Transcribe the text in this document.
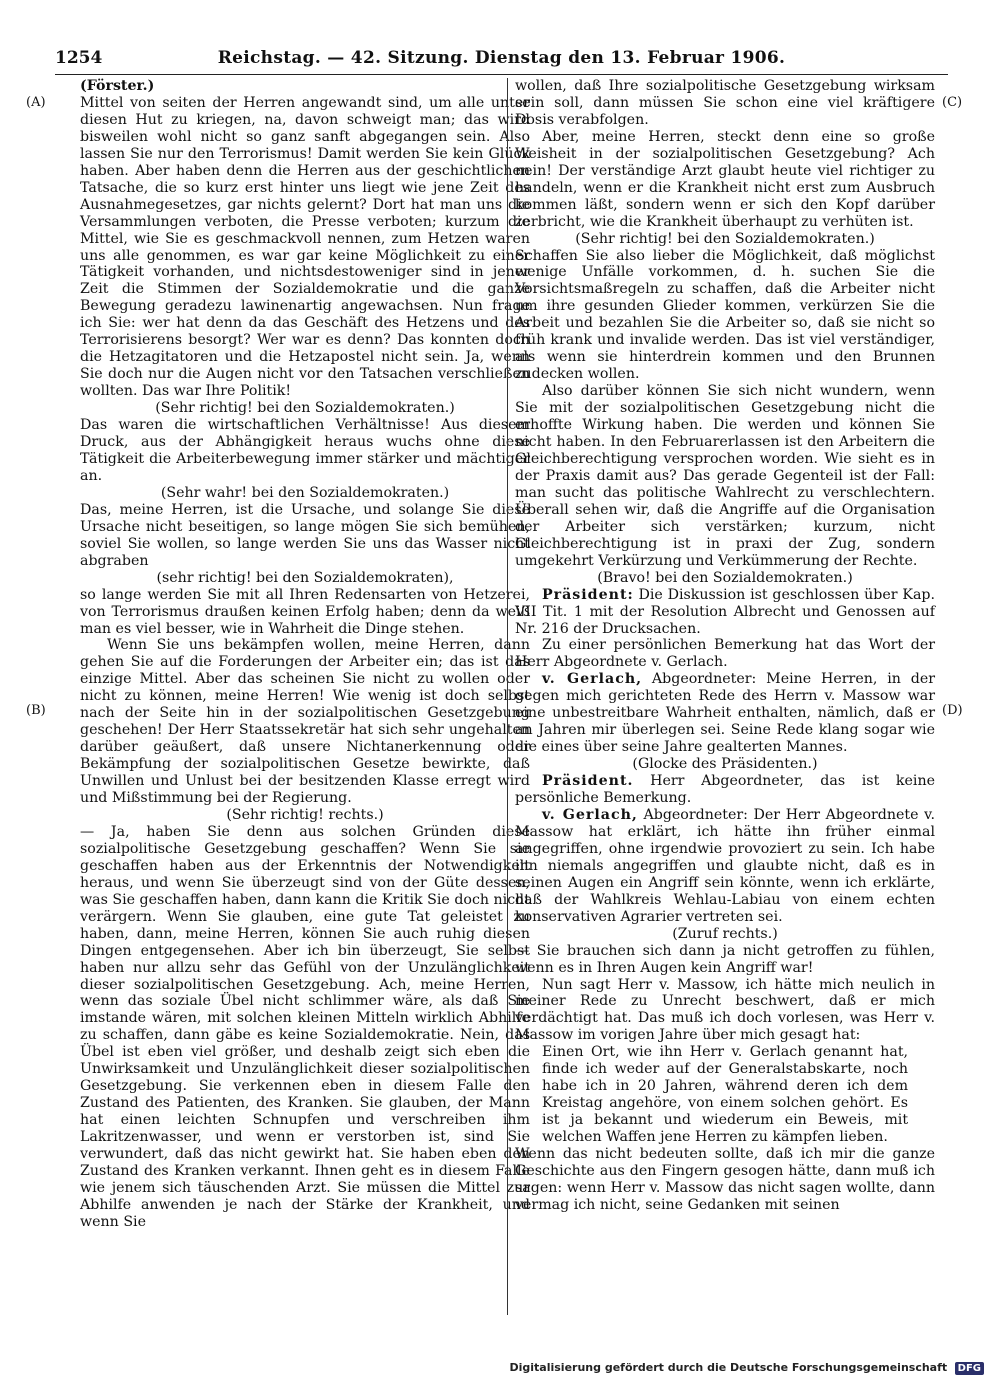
1254	Reichstag. — 42. Sitzung. Dienstag den 13. Februar 1906.
(A)
(B)
(C)
(D)

(Förster.)

Mittel von seiten der Herren angewandt sind, um alle unter diesen Hut zu kriegen, na, davon schweigt man; das wird bisweilen wohl nicht so ganz sanft abgegangen sein. Also lassen Sie nur den Terrorismus! Damit werden Sie kein Glück haben. Aber haben denn die Herren aus der geschichtlichen Tatsache, die so kurz erst hinter uns liegt wie jene Zeit des Ausnahmegesetzes, gar nichts gelernt? Dort hat man uns die Versammlungen verboten, die Presse verboten; kurzum die Mittel, wie Sie es geschmackvoll nennen, zum Hetzen waren uns alle genommen, es war gar keine Möglichkeit zu einer Tätigkeit vorhanden, und nichtsdestoweniger sind in jener Zeit die Stimmen der Sozialdemokratie und die ganze Bewegung geradezu lawinenartig angewachsen. Nun frage ich Sie: wer hat denn da das Geschäft des Hetzens und des Terrorisierens besorgt? Wer war es denn? Das konnten doch die Hetzagitatoren und die Hetzapostel nicht sein. Ja, wenn Sie doch nur die Augen nicht vor den Tatsachen verschließen wollten. Das war Ihre Politik!

(Sehr richtig! bei den Sozialdemokraten.)

Das waren die wirtschaftlichen Verhältnisse! Aus diesem Druck, aus der Abhängigkeit heraus wuchs ohne diese Tätigkeit die Arbeiterbewegung immer stärker und mächtiger an.

(Sehr wahr! bei den Sozialdemokraten.)

Das, meine Herren, ist die Ursache, und solange Sie diese Ursache nicht beseitigen, so lange mögen Sie sich bemühen, soviel Sie wollen, so lange werden Sie uns das Wasser nicht abgraben

(sehr richtig! bei den Sozialdemokraten),

so lange werden Sie mit all Ihren Redensarten von Hetzerei, von Terrorismus draußen keinen Erfolg haben; denn da weiß man es viel besser, wie in Wahrheit die Dinge stehen.

Wenn Sie uns bekämpfen wollen, meine Herren, dann gehen Sie auf die Forderungen der Arbeiter ein; das ist das einzige Mittel. Aber das scheinen Sie nicht zu wollen oder nicht zu können, meine Herren! Wie wenig ist doch selbst nach der Seite hin in der sozialpolitischen Gesetzgebung geschehen! Der Herr Staatssekretär hat sich sehr ungehalten darüber geäußert, daß unsere Nichtanerkennung oder Bekämpfung der sozialpolitischen Gesetze bewirkte, daß Unwillen und Unlust bei der besitzenden Klasse erregt wird und Mißstimmung bei der Regierung.

(Sehr richtig! rechts.)

— Ja, haben Sie denn aus solchen Gründen diese sozialpolitische Gesetzgebung geschaffen? Wenn Sie sie geschaffen haben aus der Erkenntnis der Notwendigkeit heraus, und wenn Sie überzeugt sind von der Güte dessen, was Sie geschaffen haben, dann kann die Kritik Sie doch nicht verärgern. Wenn Sie glauben, eine gute Tat geleistet zu haben, dann, meine Herren, können Sie auch ruhig diesen Dingen entgegensehen. Aber ich bin überzeugt, Sie selbst haben nur allzu sehr das Gefühl von der Unzulänglichkeit dieser sozialpolitischen Gesetzgebung. Ach, meine Herren, wenn das soziale Übel nicht schlimmer wäre, als daß Sie imstande wären, mit solchen kleinen Mitteln wirklich Abhilfe zu schaffen, dann gäbe es keine Sozialdemokratie. Nein, das Übel ist eben viel größer, und deshalb zeigt sich eben die Unwirksamkeit und Unzulänglichkeit dieser sozialpolitischen Gesetzgebung. Sie verkennen eben in diesem Falle den Zustand des Patienten, des Kranken. Sie glauben, der Mann hat einen leichten Schnupfen und verschreiben ihm Lakritzenwasser, und wenn er verstorben ist, sind Sie verwundert, daß das nicht gewirkt hat. Sie haben eben den Zustand des Kranken verkannt. Ihnen geht es in diesem Falle wie jenem sich täuschenden Arzt. Sie müssen die Mittel zur Abhilfe anwenden je nach der Stärke der Krankheit, und wenn Sie

wollen, daß Ihre sozialpolitische Gesetzgebung wirksam sein soll, dann müssen Sie schon eine viel kräftigere Dosis verabfolgen.

Aber, meine Herren, steckt denn eine so große Weisheit in der sozialpolitischen Gesetzgebung? Ach nein! Der verständige Arzt glaubt heute viel richtiger zu handeln, wenn er die Krankheit nicht erst zum Ausbruch kommen läßt, sondern wenn er sich den Kopf darüber zerbricht, wie die Krankheit überhaupt zu verhüten ist.

(Sehr richtig! bei den Sozialdemokraten.)

Schaffen Sie also lieber die Möglichkeit, daß möglichst wenige Unfälle vorkommen, d. h. suchen Sie die Vorsichtsmaßregeln zu schaffen, daß die Arbeiter nicht um ihre gesunden Glieder kommen, verkürzen Sie die Arbeit und bezahlen Sie die Arbeiter so, daß sie nicht so früh krank und invalide werden. Das ist viel verständiger, als wenn sie hinterdrein kommen und den Brunnen zudecken wollen.

Also darüber können Sie sich nicht wundern, wenn Sie mit der sozialpolitischen Gesetzgebung nicht die erhoffte Wirkung haben. Die werden und können Sie nicht haben. In den Februarerlassen ist den Arbeitern die Gleichberechtigung versprochen worden. Wie sieht es in der Praxis damit aus? Das gerade Gegenteil ist der Fall: man sucht das politische Wahlrecht zu verschlechtern. Überall sehen wir, daß die Angriffe auf die Organisation der Arbeiter sich verstärken; kurzum, nicht Gleichberechtigung ist in praxi der Zug, sondern umgekehrt Verkürzung und Verkümmerung der Rechte.

(Bravo! bei den Sozialdemokraten.)

Präsident: Die Diskussion ist geschlossen über Kap. VII Tit. 1 mit der Resolution Albrecht und Genossen auf Nr. 216 der Drucksachen.

Zu einer persönlichen Bemerkung hat das Wort der Herr Abgeordnete v. Gerlach.

v. Gerlach, Abgeordneter: Meine Herren, in der gegen mich gerichteten Rede des Herrn v. Massow war eine unbestreitbare Wahrheit enthalten, nämlich, daß er an Jahren mir überlegen sei. Seine Rede klang sogar wie die eines über seine Jahre gealterten Mannes.

(Glocke des Präsidenten.)

Präsident. Herr Abgeordneter, das ist keine persönliche Bemerkung.

v. Gerlach, Abgeordneter: Der Herr Abgeordnete v. Massow hat erklärt, ich hätte ihn früher einmal angegriffen, ohne irgendwie provoziert zu sein. Ich habe ihn niemals angegriffen und glaubte nicht, daß es in seinen Augen ein Angriff sein könnte, wenn ich erklärte, daß der Wahlkreis Wehlau-Labiau von einem echten konservativen Agrarier vertreten sei.

(Zuruf rechts.)

— Sie brauchen sich dann ja nicht getroffen zu fühlen, wenn es in Ihren Augen kein Angriff war!

Nun sagt Herr v. Massow, ich hätte mich neulich in meiner Rede zu Unrecht beschwert, daß er mich verdächtigt hat. Das muß ich doch vorlesen, was Herr v. Massow im vorigen Jahre über mich gesagt hat:

Einen Ort, wie ihn Herr v. Gerlach genannt hat, finde ich weder auf der Generalstabskarte, noch habe ich in 20 Jahren, während deren ich dem Kreistag angehöre, von einem solchen gehört. Es ist ja bekannt und wiederum ein Beweis, mit welchen Waffen jene Herren zu kämpfen lieben.

Wenn das nicht bedeuten sollte, daß ich mir die ganze Geschichte aus den Fingern gesogen hätte, dann muß ich sagen: wenn Herr v. Massow das nicht sagen wollte, dann vermag ich nicht, seine Gedanken mit seinen

Digitalisierung gefördert durch die Deutsche Forschungsgemeinschaft DFG
